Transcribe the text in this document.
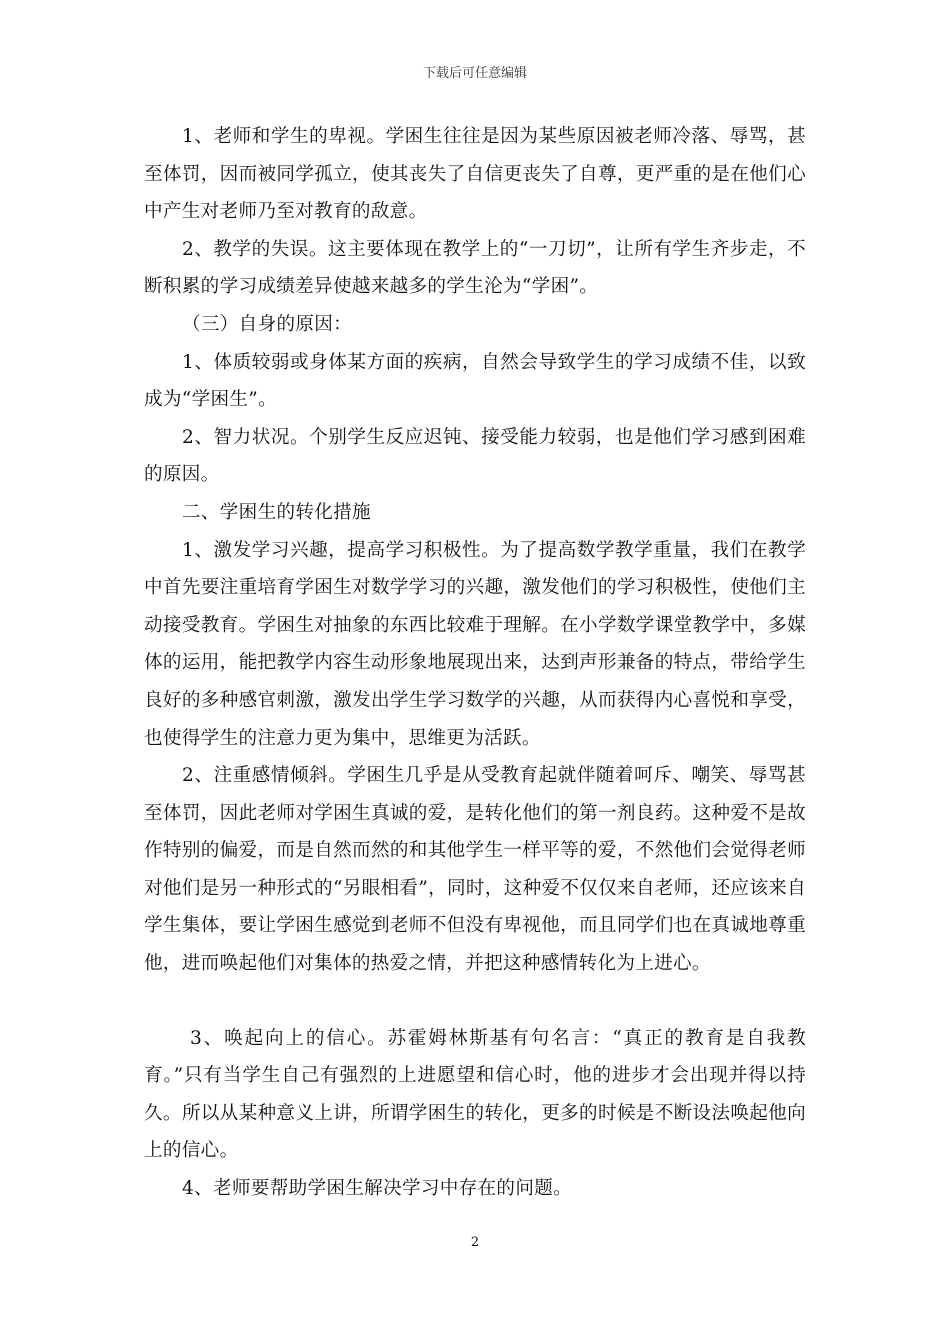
下载后可任意编辑

1、老师和学生的卑视。学困生往往是因为某些原因被老师冷落、辱骂，甚至体罚，因而被同学孤立，使其丧失了自信更丧失了自尊，更严重的是在他们心中产生对老师乃至对教育的敌意。

2、教学的失误。这主要体现在教学上的“一刀切”，让所有学生齐步走，不断积累的学习成绩差异使越来越多的学生沦为“学困”。

（三）自身的原因：

1、体质较弱或身体某方面的疾病，自然会导致学生的学习成绩不佳，以致成为“学困生”。

2、智力状况。个别学生反应迟钝、接受能力较弱，也是他们学习感到困难的原因。

二、学困生的转化措施

1、激发学习兴趣，提高学习积极性。为了提高数学教学重量，我们在教学中首先要注重培育学困生对数学学习的兴趣，激发他们的学习积极性，使他们主动接受教育。学困生对抽象的东西比较难于理解。在小学数学课堂教学中，多媒体的运用，能把教学内容生动形象地展现出来，达到声形兼备的特点，带给学生良好的多种感官刺激，激发出学生学习数学的兴趣，从而获得内心喜悦和享受，也使得学生的注意力更为集中，思维更为活跃。

2、注重感情倾斜。学困生几乎是从受教育起就伴随着呵斥、嘲笑、辱骂甚至体罚，因此老师对学困生真诚的爱，是转化他们的第一剂良药。这种爱不是故作特别的偏爱，而是自然而然的和其他学生一样平等的爱，不然他们会觉得老师对他们是另一种形式的“另眼相看”，同时，这种爱不仅仅来自老师，还应该来自学生集体，要让学困生感觉到老师不但没有卑视他，而且同学们也在真诚地尊重他，进而唤起他们对集体的热爱之情，并把这种感情转化为上进心。

3、唤起向上的信心。苏霍姆林斯基有句名言：“真正的教育是自我教育。”只有当学生自己有强烈的上进愿望和信心时，他的进步才会出现并得以持久。所以从某种意义上讲，所谓学困生的转化，更多的时候是不断设法唤起他向上的信心。

4、老师要帮助学困生解决学习中存在的问题。

2
